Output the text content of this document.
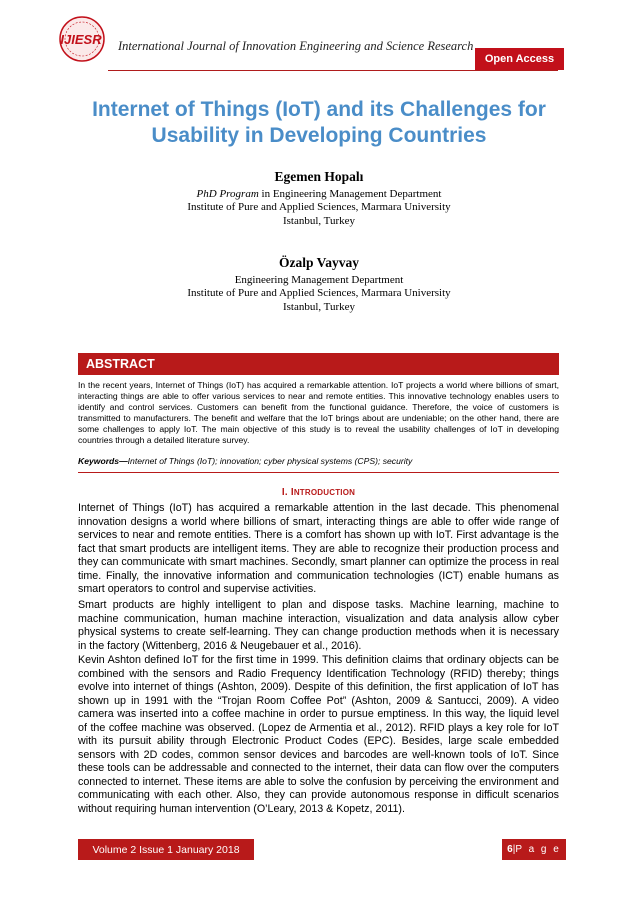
IJIESR International Journal of Innovation Engineering and Science Research
Open Access
Internet of Things (IoT) and its Challenges for Usability in Developing Countries
Egemen Hopalı
PhD Program in Engineering Management Department
Institute of Pure and Applied Sciences, Marmara University
Istanbul, Turkey
Özalp Vayvay
Engineering Management Department
Institute of Pure and Applied Sciences, Marmara University
Istanbul, Turkey
ABSTRACT
In the recent years, Internet of Things (IoT) has acquired a remarkable attention. IoT projects a world where billions of smart, interacting things are able to offer various services to near and remote entities. This innovative technology enables users to identify and control services. Customers can benefit from the functional guidance. Therefore, the voice of customers is transmitted to manufacturers. The benefit and welfare that the IoT brings about are undeniable; on the other hand, there are some challenges to apply IoT. The main objective of this study is to reveal the usability challenges of IoT in developing countries through a detailed literature survey.
Keywords—Internet of Things (IoT); innovation; cyber physical systems (CPS); security
I. INTRODUCTION
Internet of Things (IoT) has acquired a remarkable attention in the last decade. This phenomenal innovation designs a world where billions of smart, interacting things are able to offer wide range of services to near and remote entities. There is a comfort has shown up with IoT. First advantage is the fact that smart products are intelligent items. They are able to recognize their production process and they can communicate with smart machines. Secondly, smart planner can optimize the process in real time. Finally, the innovative information and communication technologies (ICT) enable humans as smart operators to control and supervise activities.
Smart products are highly intelligent to plan and dispose tasks. Machine learning, machine to machine communication, human machine interaction, visualization and data analysis allow cyber physical systems to create self-learning. They can change production methods when it is necessary in the factory (Wittenberg, 2016 & Neugebauer et al., 2016).
Kevin Ashton defined IoT for the first time in 1999. This definition claims that ordinary objects can be combined with the sensors and Radio Frequency Identification Technology (RFID) thereby; things evolve into internet of things (Ashton, 2009). Despite of this definition, the first application of IoT has shown up in 1991 with the “Trojan Room Coffee Pot” (Ashton, 2009 & Santucci, 2009). A video camera was inserted into a coffee machine in order to pursue emptiness. In this way, the liquid level of the coffee machine was observed. (Lopez de Armentia et al., 2012). RFID plays a key role for IoT with its pursuit ability through Electronic Product Codes (EPC). Besides, large scale embedded sensors with 2D codes, common sensor devices and barcodes are well-known tools of IoT. Since these tools can be addressable and connected to the internet, their data can flow over the computers connected to internet. These items are able to solve the confusion by perceiving the environment and communicating with each other. Also, they can provide autonomous response in difficult scenarios without requiring human intervention (O’Leary, 2013 & Kopetz, 2011).
Volume 2 Issue 1 January 2018	6 | P a g e
